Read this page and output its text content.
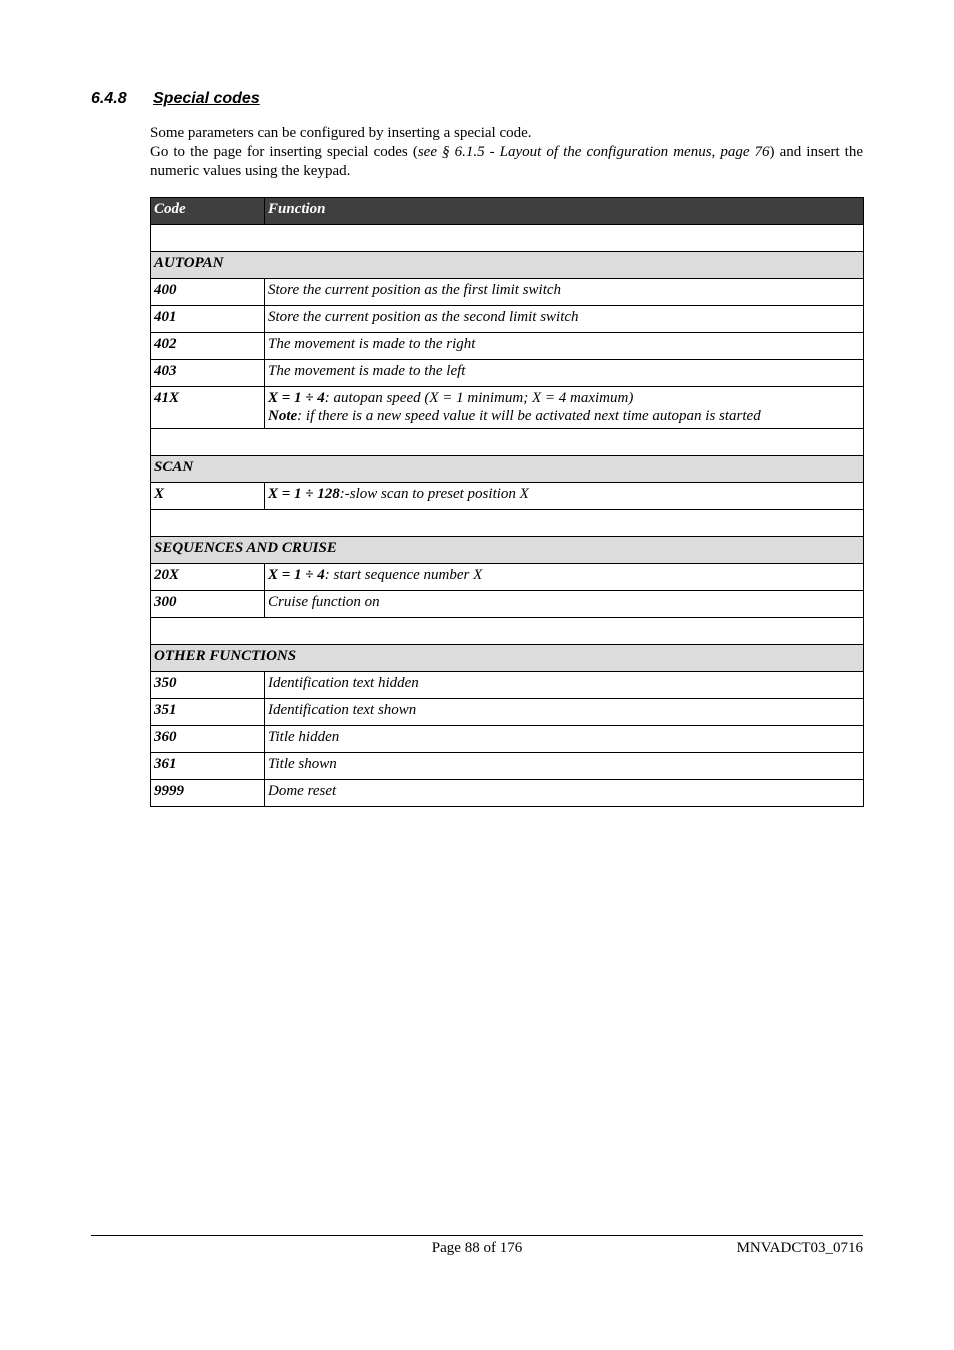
6.4.8 Special codes

Some parameters can be configured by inserting a special code.

Go to the page for inserting special codes (see § 6.1.5 - Layout of the configuration menus, page 76) and insert the numeric values using the keypad.

Code	Function

AUTOPAN	
400	Store the current position as the first limit switch
401	Store the current position as the second limit switch
402	The movement is made to the right
403	The movement is made to the left
41X	X = 1 ÷ 4: autopan speed (X = 1 minimum; X = 4 maximum)
Note: if there is a new speed value it will be activated next time autopan is started

SCAN	
X	X = 1 ÷ 128:-slow scan to preset position X

SEQUENCES AND CRUISE	
20X	X = 1 ÷ 4: start sequence number X
300	Cruise function on

OTHER FUNCTIONS	
350	Identification text hidden
351	Identification text shown
360	Title hidden
361	Title shown
9999	Dome reset
Page 88 of 176	MNVADCT03_0716
